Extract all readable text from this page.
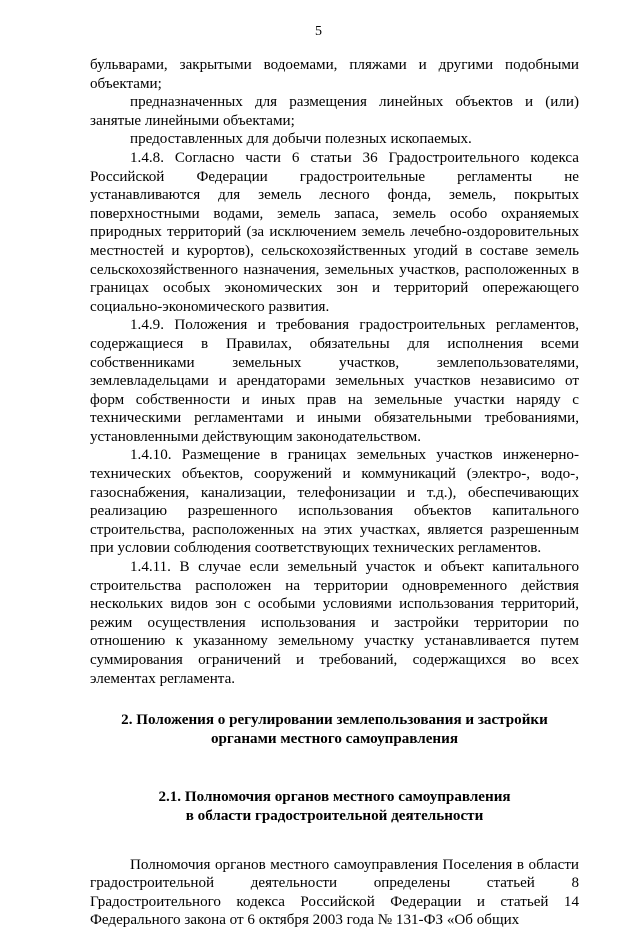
5

бульварами, закрытыми водоемами, пляжами и другими подобными объектами;

предназначенных для размещения линейных объектов и (или) занятые линейными объектами;

предоставленных для добычи полезных ископаемых.

1.4.8. Согласно части 6 статьи 36 Градостроительного кодекса Российской Федерации градостроительные регламенты не устанавливаются для земель лесного фонда, земель, покрытых поверхностными водами, земель запаса, земель особо охраняемых природных территорий (за исключением земель лечебно-оздоровительных местностей и курортов), сельскохозяйственных угодий в составе земель сельскохозяйственного назначения, земельных участков, расположенных в границах особых экономических зон и территорий опережающего социально-экономического развития.

1.4.9. Положения и требования градостроительных регламентов, содержащиеся в Правилах, обязательны для исполнения всеми собственниками земельных участков, землепользователями, землевладельцами и арендаторами земельных участков независимо от форм собственности и иных прав на земельные участки наряду с техническими регламентами и иными обязательными требованиями, установленными действующим законодательством.

1.4.10. Размещение в границах земельных участков инженерно-технических объектов, сооружений и коммуникаций (электро-, водо-, газоснабжения, канализации, телефонизации и т.д.), обеспечивающих реализацию разрешенного использования объектов капитального строительства, расположенных на этих участках, является разрешенным при условии соблюдения соответствующих технических регламентов.

1.4.11. В случае если земельный участок и объект капитального строительства расположен на территории одновременного действия нескольких видов зон с особыми условиями использования территорий, режим осуществления использования и застройки территории по отношению к указанному земельному участку устанавливается путем суммирования ограничений и требований, содержащихся во всех элементах регламента.

2. Положения о регулировании землепользования и застройки
органами местного самоуправления
2.1. Полномочия органов местного самоуправления
в области градостроительной деятельности

Полномочия органов местного самоуправления Поселения в области градостроительной деятельности определены статьей 8 Градостроительного кодекса Российской Федерации и статьей 14 Федерального закона от 6 октября 2003 года № 131-ФЗ «Об общих
